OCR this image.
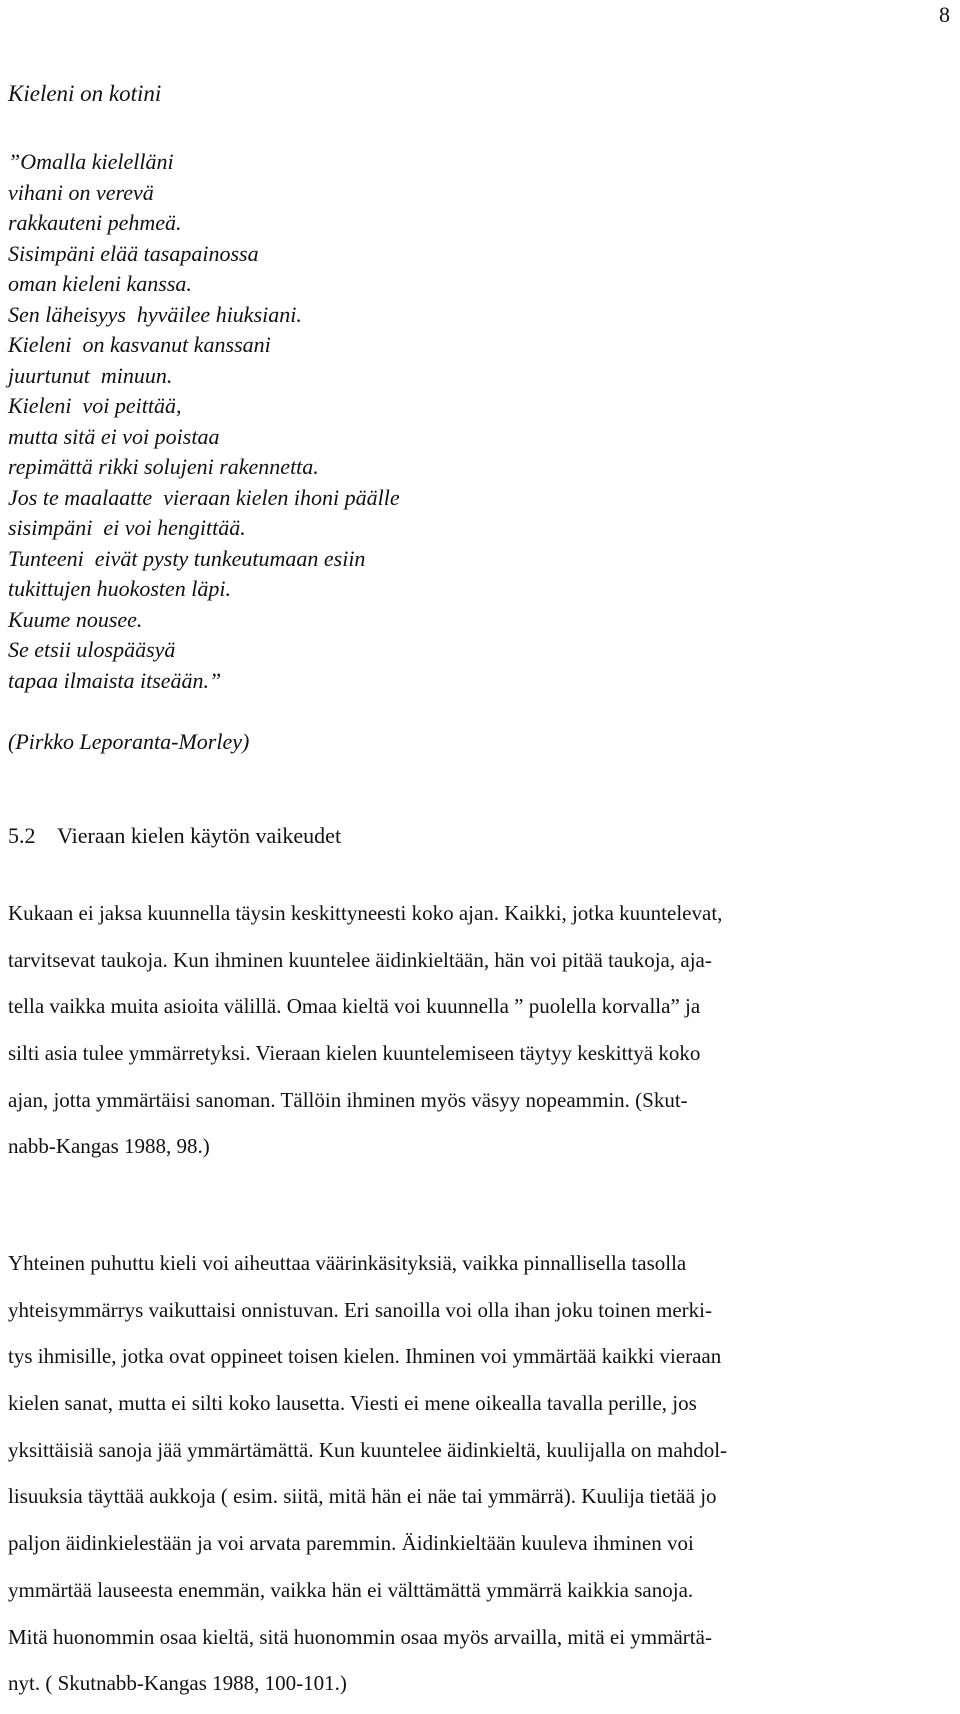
8
Kieleni on kotini
”Omalla kielelläni
vihani on verevä
rakkauteni pehmeä.
Sisimpäni elää tasapainossa
oman kieleni kanssa.
Sen läheisyys  hyväilee hiuksiani.
Kieleni  on kasvanut kanssani
juurtunut  minuun.
Kieleni  voi peittää,
mutta sitä ei voi poistaa
repimättä rikki solujeni rakennetta.
Jos te maalaatte  vieraan kielen ihoni päälle
sisimpäni  ei voi hengittää.
Tunteeni  eivät pysty tunkeutumaan esiin
tukittujen huokosten läpi.
Kuume nousee.
Se etsii ulospääsyä
tapaa ilmaista itseään.”
(Pirkko Leporanta-Morley)
5.2    Vieraan kielen käytön vaikeudet
Kukaan ei jaksa kuunnella täysin keskittyneesti koko ajan. Kaikki, jotka kuuntelevat,
tarvitsevat taukoja. Kun ihminen kuuntelee äidinkieltään, hän voi pitää taukoja, aja-
tella vaikka muita asioita välillä. Omaa kieltä voi kuunnella ” puolella korvalla” ja
silti asia tulee ymmärretyksi. Vieraan kielen kuuntelemiseen täytyy keskittyä koko
ajan, jotta ymmärtäisi sanoman. Tällöin ihminen myös väsyy nopeammin. (Skut-
nabb-Kangas 1988, 98.)
Yhteinen puhuttu kieli voi aiheuttaa väärinkäsityksiä, vaikka pinnallisella tasolla
yhteisymmärrys vaikuttaisi onnistuvan. Eri sanoilla voi olla ihan joku toinen merki-
tys ihmisille, jotka ovat oppineet toisen kielen. Ihminen voi ymmärtää kaikki vieraan
kielen sanat, mutta ei silti koko lausetta. Viesti ei mene oikealla tavalla perille, jos
yksittäisiä sanoja jää ymmärtämättä. Kun kuuntelee äidinkieltä, kuulijalla on mahdol-
lisuuksia täyttää aukkoja ( esim. siitä, mitä hän ei näe tai ymmärrä). Kuulija tietää jo
paljon äidinkielestään ja voi arvata paremmin. Äidinkieltään kuuleva ihminen voi
ymmärtää lauseesta enemmän, vaikka hän ei välttämättä ymmärrä kaikkia sanoja.
Mitä huonommin osaa kieltä, sitä huonommin osaa myös arvailla, mitä ei ymmärtä-
nyt. ( Skutnabb-Kangas 1988, 100-101.)
